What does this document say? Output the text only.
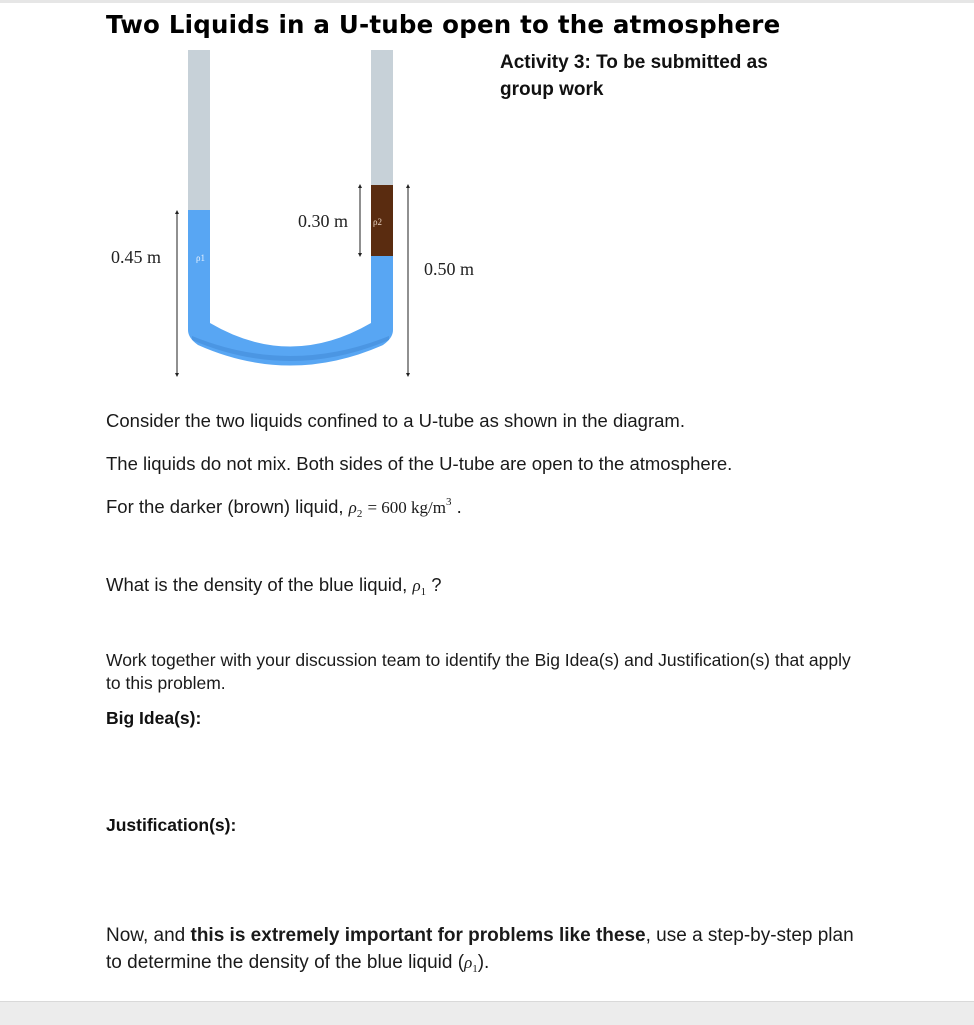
Two Liquids in a U-tube open to the atmosphere
Activity 3: To be submitted as group work
ρ1
ρ2
0.45 m
0.30 m
0.50 m
Consider the two liquids confined to a U-tube as shown in the diagram.
The liquids do not mix. Both sides of the U-tube are open to the atmosphere.
For the darker (brown) liquid, $\rho_2 = 600$ $kg/m^3$ .
What is the density of the blue liquid, $\rho_1$ ?
Work together with your discussion team to identify the Big Idea(s) and Justification(s) that apply to this problem.
Big Idea(s):
Justification(s):
Now, and this is extremely important for problems like these, use a step-by-step plan to determine the density of the blue liquid $(\rho_1)$.
